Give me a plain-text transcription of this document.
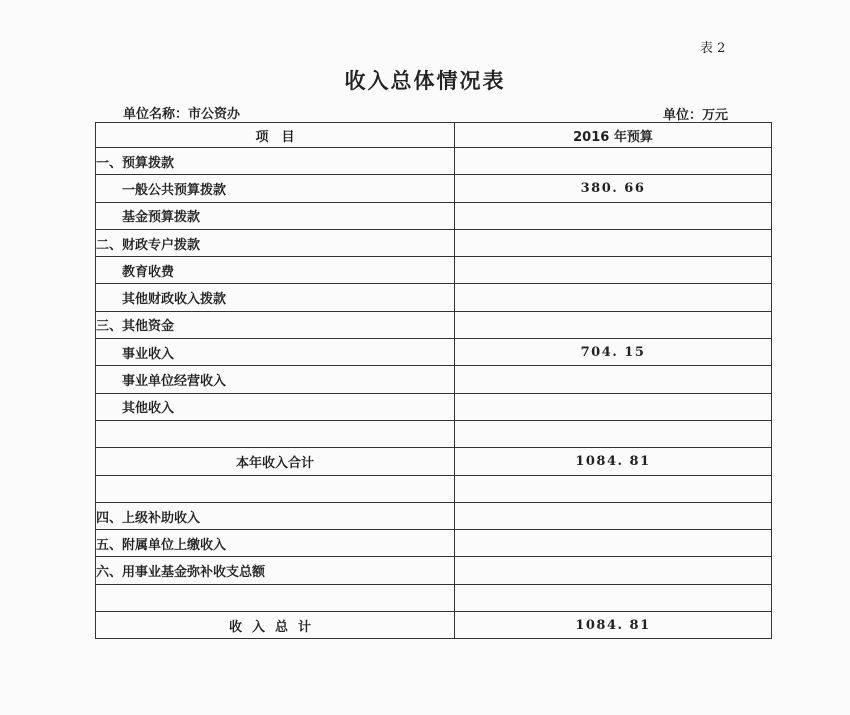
表 2
收入总体情况表
单位名称：市公资办	单位：万元
项　目	2016 年预算
一、预算拨款	
一般公共预算拨款	380. 66
基金预算拨款	
二、财政专户拨款	
教育收费	
其他财政收入拨款	
三、其他资金	
事业收入	704. 15
事业单位经营收入	
其他收入	

本年收入合计	1084. 81

四、上级补助收入	
五、附属单位上缴收入	
六、用事业基金弥补收支总额	

收入总计	1084. 81
